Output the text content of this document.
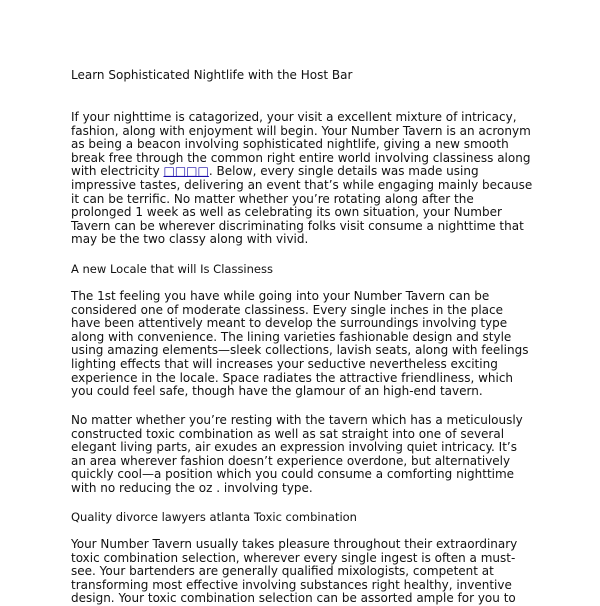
Learn Sophisticated Nightlife with the Host Bar

If your nighttime is catagorized, your visit a excellent mixture of intricacy, fashion, along with enjoyment will begin. Your Number Tavern is an acronym as being a beacon involving sophisticated nightlife, giving a new smooth break free through the common right entire world involving classiness along with electricity □□□□. Below, every single details was made using impressive tastes, delivering an event that’s while engaging mainly because it can be terrific. No matter whether you’re rotating along after the prolonged 1 week as well as celebrating its own situation, your Number Tavern can be wherever discriminating folks visit consume a nighttime that may be the two classy along with vivid.

A new Locale that will Is Classiness

The 1st feeling you have while going into your Number Tavern can be considered one of moderate classiness. Every single inches in the place have been attentively meant to develop the surroundings involving type along with convenience. The lining varieties fashionable design and style using amazing elements—sleek collections, lavish seats, along with feelings lighting effects that will increases your seductive nevertheless exciting experience in the locale. Space radiates the attractive friendliness, which you could feel safe, though have the glamour of an high-end tavern.

No matter whether you’re resting with the tavern which has a meticulously constructed toxic combination as well as sat straight into one of several elegant living parts, air exudes an expression involving quiet intricacy. It’s an area wherever fashion doesn’t experience overdone, but alternatively quickly cool—a position which you could consume a comforting nighttime with no reducing the oz . involving type.

Quality divorce lawyers atlanta Toxic combination

Your Number Tavern usually takes pleasure throughout their extraordinary toxic combination selection, wherever every single ingest is often a must-see. Your bartenders are generally qualified mixologists, competent at transforming most effective involving substances right healthy, inventive design. Your toxic combination selection can be assorted ample for you to
